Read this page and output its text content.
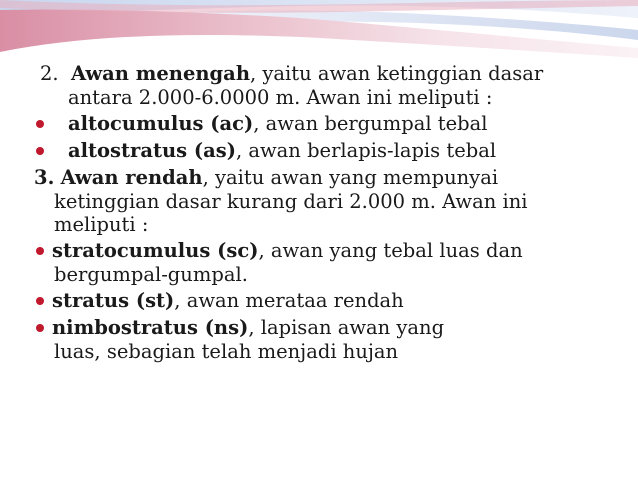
2. Awan menengah, yaitu awan ketinggian dasar
antara 2.000-6.0000 m. Awan ini meliputi :
altocumulus (ac), awan bergumpal tebal
altostratus (as), awan berlapis-lapis tebal
3. Awan rendah, yaitu awan yang mempunyai
ketinggian dasar kurang dari 2.000 m. Awan ini
meliputi :
stratocumulus (sc), awan yang tebal luas dan
bergumpal-gumpal.
stratus (st), awan merataa rendah
nimbostratus (ns), lapisan awan yang
luas, sebagian telah menjadi hujan
